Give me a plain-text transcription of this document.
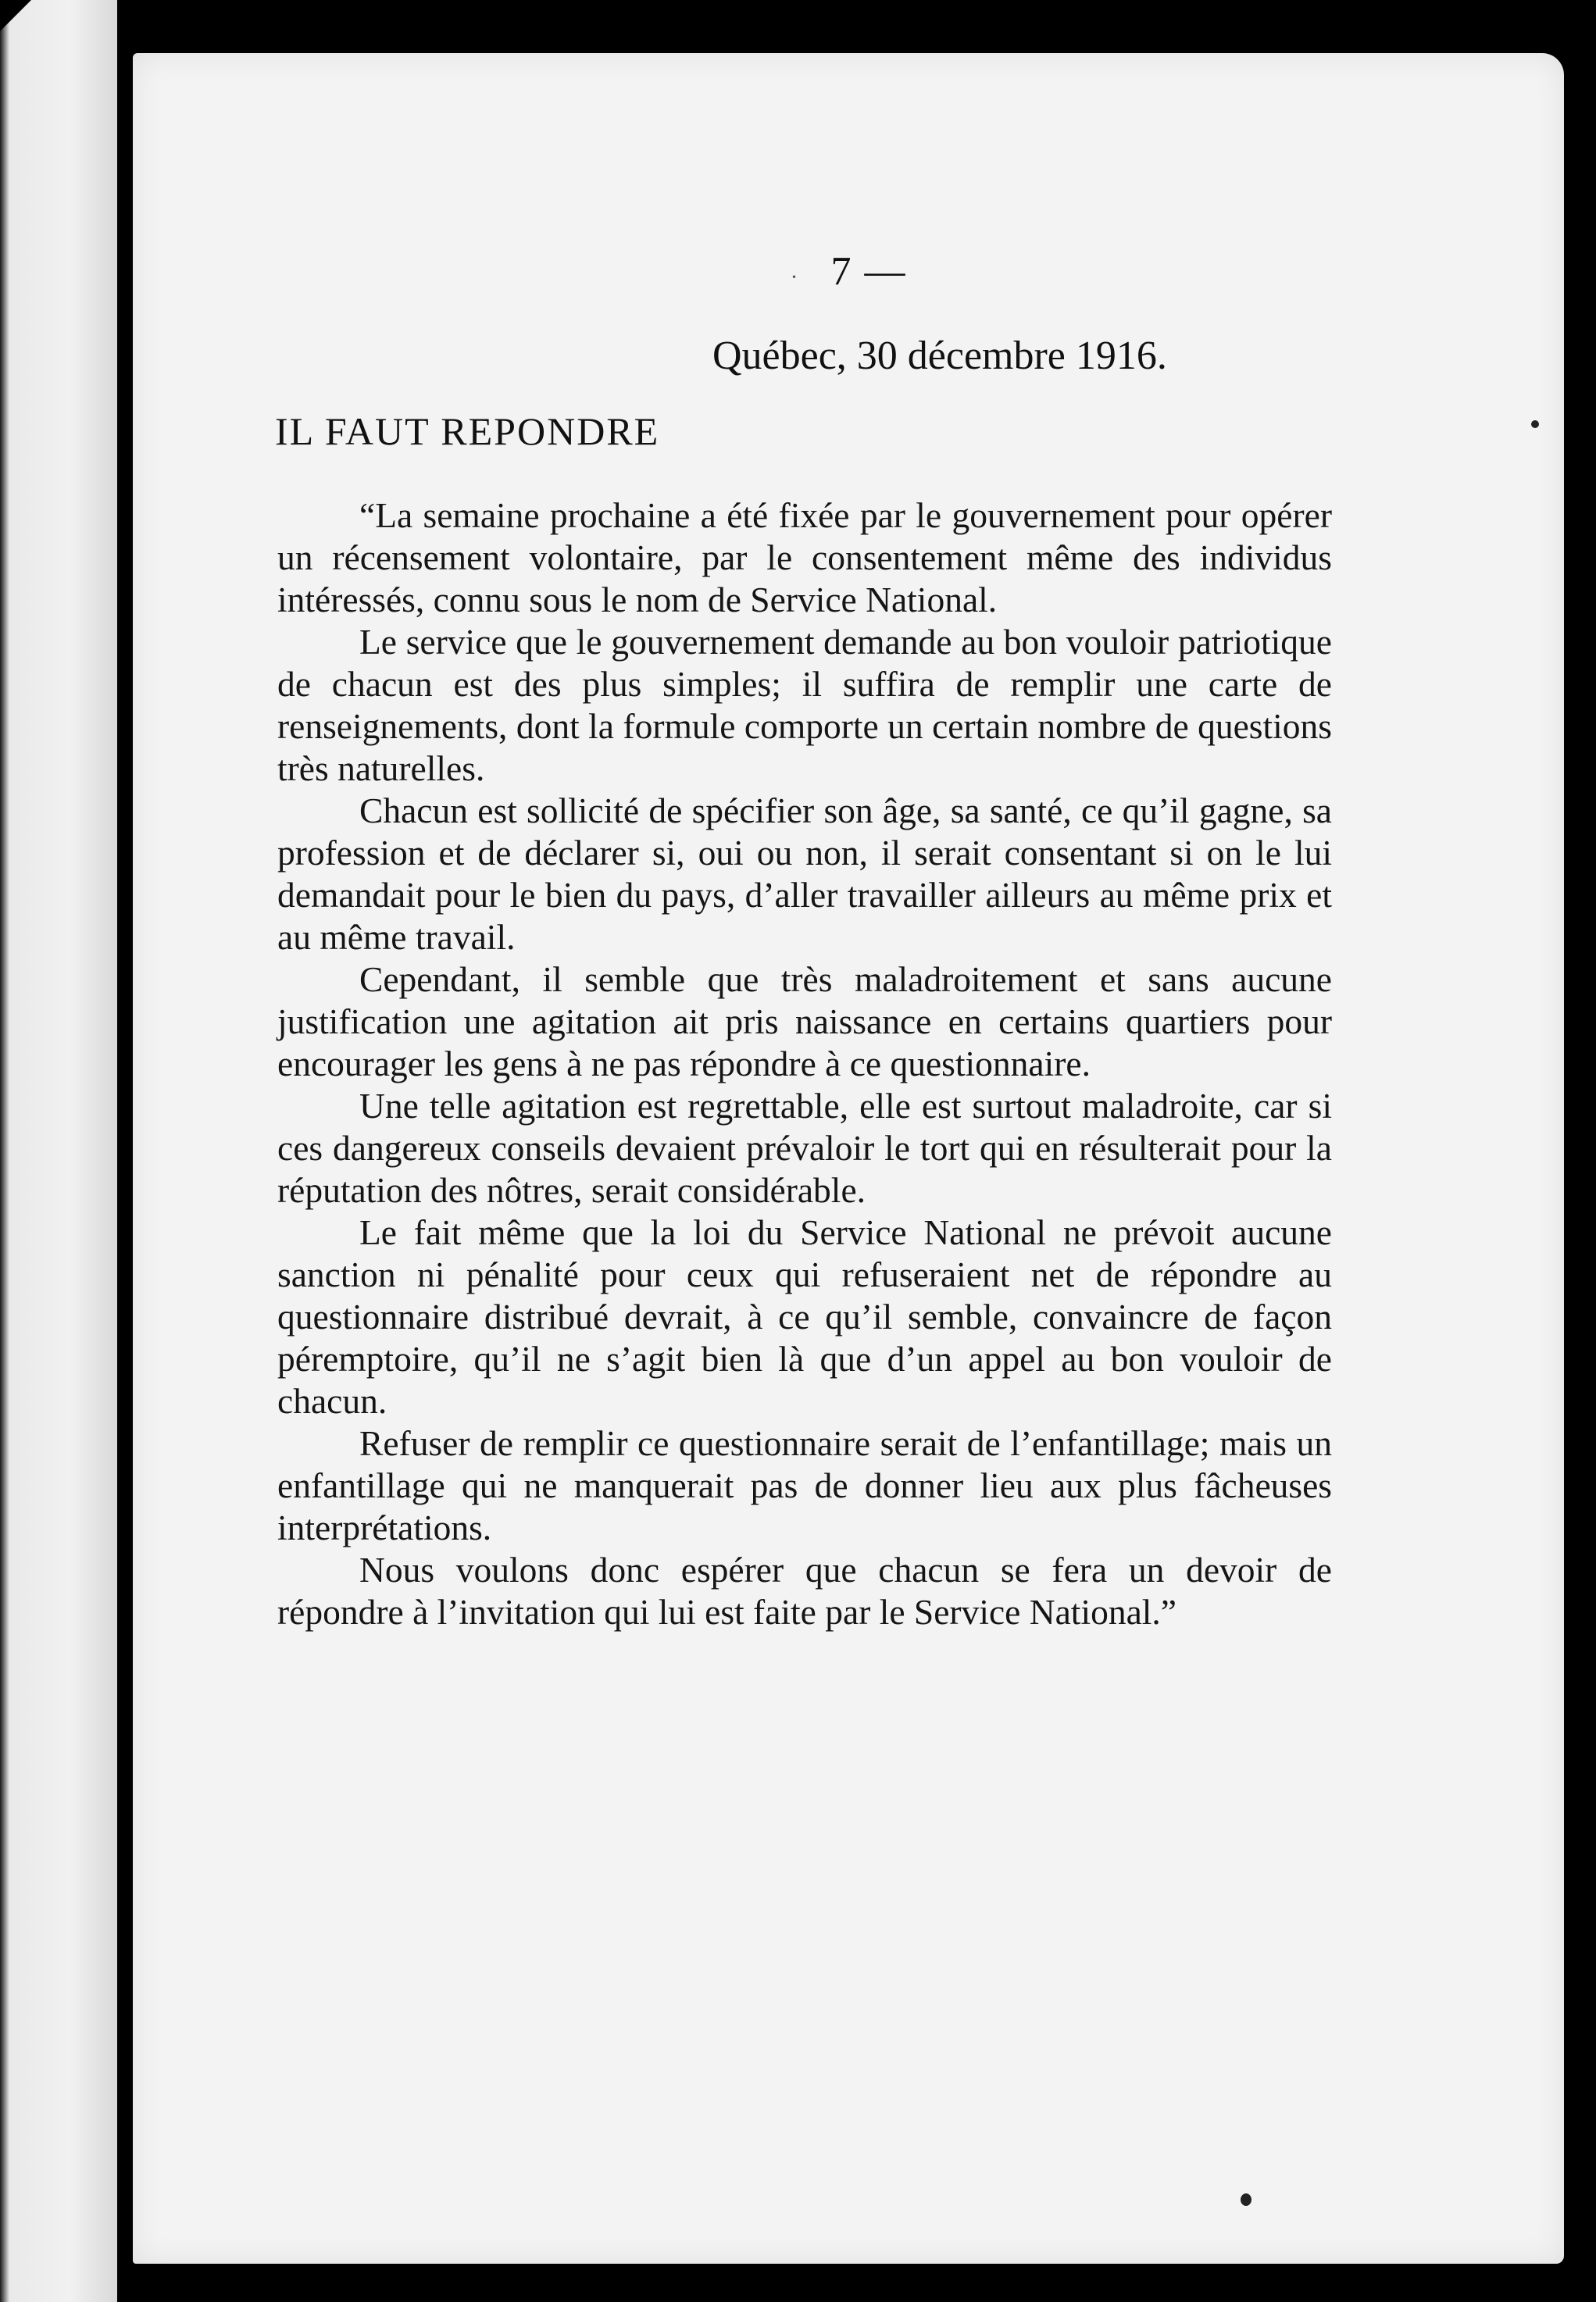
· 7 —
Québec, 30 décembre 1916.
IL FAUT REPONDRE

“La semaine prochaine a été fixée par le gouvernement pour opérer un récensement volontaire, par le consentement même des individus intéressés, connu sous le nom de Service National.

Le service que le gouvernement demande au bon vouloir patriotique de chacun est des plus simples; il suffira de remplir une carte de renseignements, dont la formule comporte un certain nombre de questions très naturelles.

Chacun est sollicité de spécifier son âge, sa santé, ce qu’il gagne, sa profession et de déclarer si, oui ou non, il serait consentant si on le lui demandait pour le bien du pays, d’aller travailler ailleurs au même prix et au même travail.

Cependant, il semble que très maladroitement et sans aucune justification une agitation ait pris naissance en certains quartiers pour encourager les gens à ne pas répondre à ce questionnaire.

Une telle agitation est regrettable, elle est surtout maladroite, car si ces dangereux conseils devaient prévaloir le tort qui en résulterait pour la réputation des nôtres, serait considérable.

Le fait même que la loi du Service National ne prévoit aucune sanction ni pénalité pour ceux qui refuseraient net de répondre au questionnaire distribué devrait, à ce qu’il semble, convaincre de façon péremptoire, qu’il ne s’agit bien là que d’un appel au bon vouloir de chacun.

Refuser de remplir ce questionnaire serait de l’enfantillage; mais un enfantillage qui ne manquerait pas de donner lieu aux plus fâcheuses interprétations.

Nous voulons donc espérer que chacun se fera un devoir de répondre à l’invitation qui lui est faite par le Service National.”
